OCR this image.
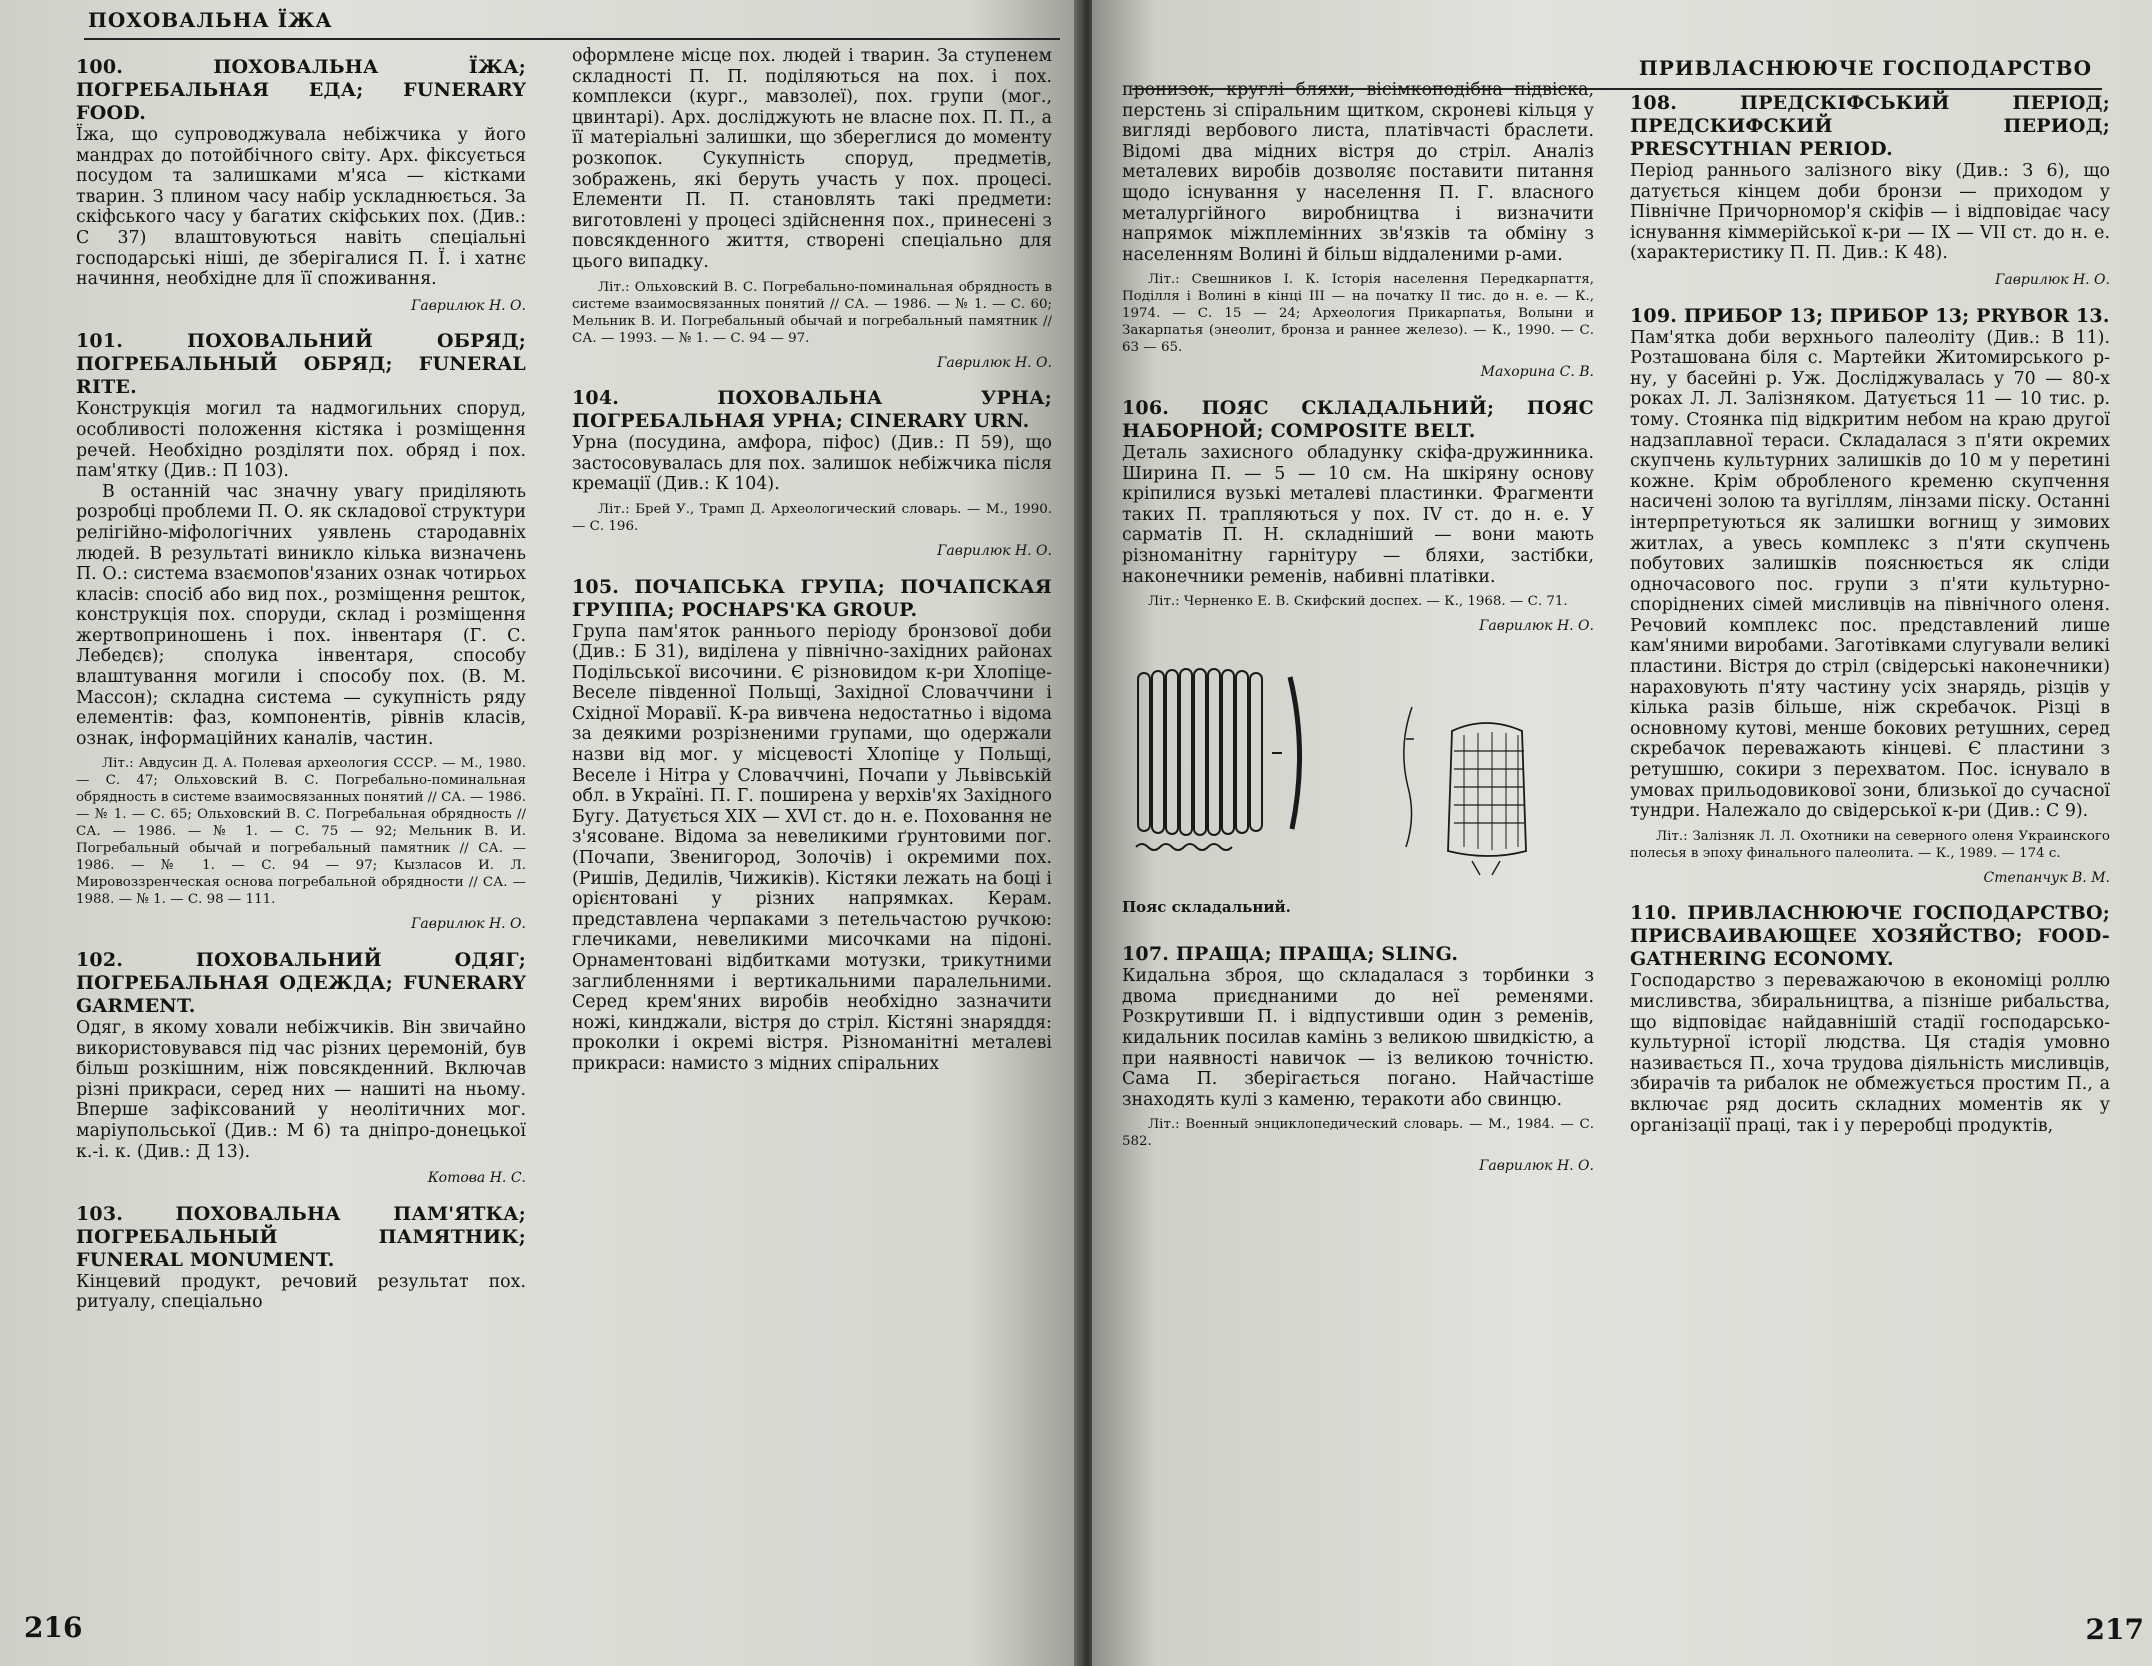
ПОХОВАЛЬНА ЇЖА
100. ПОХОВАЛЬНА ЇЖА; ПОГРЕБАЛЬНАЯ ЕДА; FUNERARY FOOD.

Їжа, що супроводжувала небіжчика у його мандрах до потойбічного світу. Арх. фіксується посудом та залишками м'яса — кістками тварин. З плином часу набір ускладнюється. За скіфського часу у багатих скіфських пох. (Див.: С 37) влаштовуються навіть спеціальні господарські ніші, де зберігалися П. Ї. і хатнє начиння, необхідне для її споживання.

Гаврилюк Н. О.

101. ПОХОВАЛЬНИЙ ОБРЯД; ПОГРЕБАЛЬНЫЙ ОБРЯД; FUNERAL RITE.

Конструкція могил та надмогильних споруд, особливості положення кістяка і розміщення речей. Необхідно розділяти пох. обряд і пох. пам'ятку (Див.: П 103).

В останній час значну увагу приділяють розробці проблеми П. О. як складової структури релігійно-міфологічних уявлень стародавніх людей. В результаті виникло кілька визначень П. О.: система взаємопов'язаних ознак чотирьох класів: спосіб або вид пох., розміщення решток, конструкція пох. споруди, склад і розміщення жертвоприношень і пох. інвентаря (Г. С. Лебедєв); сполука інвентаря, способу влаштування могили і способу пох. (В. М. Массон); складна система — сукупність ряду елементів: фаз, компонентів, рівнів класів, ознак, інформаційних каналів, частин.

Літ.: Авдусин Д. А. Полевая археология СССР. — М., 1980. — С. 47; Ольховский В. С. Погребально-поминальная обрядность в системе взаимосвязанных понятий // СА. — 1986. — № 1. — С. 65; Ольховский В. С. Погребальная обрядность // СА. — 1986. — № 1. — С. 75 — 92; Мельник В. И. Погребальный обычай и погребальный памятник // СА. — 1986. — № 1. — С. 94 — 97; Кызласов И. Л. Мировоззренческая основа погребальной обрядности // СА. — 1988. — № 1. — С. 98 — 111.

Гаврилюк Н. О.

102. ПОХОВАЛЬНИЙ ОДЯГ; ПОГРЕБАЛЬНАЯ ОДЕЖДА; FUNERARY GARMENT.

Одяг, в якому ховали небіжчиків. Він звичайно використовувався під час різних церемоній, був більш розкішним, ніж повсякденний. Включав різні прикраси, серед них — нашиті на ньому. Вперше зафіксований у неолітичних мог. маріупольської (Див.: М 6) та дніпро-донецької к.-і. к. (Див.: Д 13).

Котова Н. С.

103. ПОХОВАЛЬНА ПАМ'ЯТКА; ПОГРЕБАЛЬНЫЙ ПАМЯТНИК; FUNERAL MONUMENT.

Кінцевий продукт, речовий результат пох. ритуалу, спеціально

оформлене місце пох. людей і тварин. За ступенем складності П. П. поділяються на пох. і пох. комплекси (кург., мавзолеї), пох. групи (мог., цвинтарі). Арх. досліджують не власне пох. П. П., а її матеріальні залишки, що збереглися до моменту розкопок. Сукупність споруд, предметів, зображень, які беруть участь у пох. процесі. Елементи П. П. становлять такі предмети: виготовлені у процесі здійснення пох., принесені з повсякденного життя, створені спеціально для цього випадку.

Літ.: Ольховский В. С. Погребально-поминальная обрядность в системе взаимосвязанных понятий // СА. — 1986. — № 1. — С. 60; Мельник В. И. Погребальный обычай и погребальный памятник // СА. — 1993. — № 1. — С. 94 — 97.

Гаврилюк Н. О.

104. ПОХОВАЛЬНА УРНА; ПОГРЕБАЛЬНАЯ УРНА; CINERARY URN.

Урна (посудина, амфора, піфос) (Див.: П 59), що застосовувалась для пох. залишок небіжчика після кремації (Див.: К 104).

Літ.: Брей У., Трамп Д. Археологический словарь. — М., 1990. — С. 196.

Гаврилюк Н. О.

105. ПОЧАПСЬКА ГРУПА; ПОЧАПСКАЯ ГРУППА; POCHAPS'KA GROUP.

Група пам'яток раннього періоду бронзової доби (Див.: Б 31), виділена у північно-західних районах Подільської височини. Є різновидом к-ри Хлопіце-Веселе південної Польщі, Західної Словаччини і Східної Моравії. К-ра вивчена недостатньо і відома за деякими розрізненими групами, що одержали назви від мог. у місцевості Хлопіце у Польщі, Веселе і Нітра у Словаччині, Почапи у Львівській обл. в Україні. П. Г. поширена у верхів'ях Західного Бугу. Датується XIX — XVI ст. до н. е. Поховання не з'ясоване. Відома за невеликими ґрунтовими пог. (Почапи, Звенигород, Золочів) і окремими пох. (Ришів, Дедилів, Чижиків). Кістяки лежать на боці і орієнтовані у різних напрямках. Керам. представлена черпаками з петельчастою ручкою: глечиками, невеликими мисочками на підоні. Орнаментовані відбитками мотузки, трикутними заглибленнями і вертикальними паралельними. Серед крем'яних виробів необхідно зазначити ножі, кинджали, вістря до стріл. Кістяні знаряддя: проколки і окремі вістря. Різноманітні металеві прикраси: намисто з мідних спіральних

216
ПРИВЛАСНЮЮЧЕ ГОСПОДАРСТВО

пронизок, круглі бляхи, вісімкоподібна підвіска, перстень зі спіральним щитком, скроневі кільця у вигляді вербового листа, платівчасті браслети. Відомі два мідних вістря до стріл. Аналіз металевих виробів дозволяє поставити питання щодо існування у населення П. Г. власного металургійного виробництва і визначити напрямок міжплемінних зв'язків та обміну з населенням Волині й більш віддаленими р-ами.

Літ.: Свешников І. К. Історія населення Передкарпаття, Поділля і Волині в кінці III — на початку II тис. до н. е. — К., 1974. — С. 15 — 24; Археология Прикарпатья, Волыни и Закарпатья (энеолит, бронза и раннее железо). — К., 1990. — С. 63 — 65.

Махорина С. В.

106. ПОЯС СКЛАДАЛЬНИЙ; ПОЯС НАБОРНОЙ; COMPOSITE BELT.

Деталь захисного обладунку скіфа-дружинника. Ширина П. — 5 — 10 см. На шкіряну основу кріпилися вузькі металеві пластинки. Фрагменти таких П. трапляються у пох. IV ст. до н. е. У сарматів П. Н. складніший — вони мають різноманітну гарнітуру — бляхи, застібки, наконечники ременів, набивні платівки.

Літ.: Черненко Е. В. Скифский доспех. — К., 1968. — С. 71.

Гаврилюк Н. О.

Пояс складальний.
107. ПРАЩА; ПРАЩА; SLING.

Кидальна зброя, що складалася з торбинки з двома приєднаними до неї ременями. Розкрутивши П. і відпустивши один з ременів, кидальник посилав камінь з великою швидкістю, а при наявності навичок — із великою точністю. Сама П. зберігається погано. Найчастіше знаходять кулі з каменю, теракоти або свинцю.

Літ.: Военный энциклопедический словарь. — М., 1984. — С. 582.

Гаврилюк Н. О.

108. ПРЕДСКІФСЬКИЙ ПЕРІОД; ПРЕДСКИФСКИЙ ПЕРИОД; PRESCYTHIAN PERIOD.

Період раннього залізного віку (Див.: З 6), що датується кінцем доби бронзи — приходом у Північне Причорномор'я скіфів — і відповідає часу існування кіммерійської к-ри — IX — VII ст. до н. е. (характеристику П. П. Див.: К 48).

Гаврилюк Н. О.

109. ПРИБОР 13; ПРИБОР 13; PRYBOR 13.

Пам'ятка доби верхнього палеоліту (Див.: В 11). Розташована біля с. Мартейки Житомирського р-ну, у басейні р. Уж. Досліджувалась у 70 — 80-х роках Л. Л. Залізняком. Датується 11 — 10 тис. р. тому. Стоянка під відкритим небом на краю другої надзаплавної тераси. Складалася з п'яти окремих скупчень культурних залишків до 10 м у перетині кожне. Крім обробленого кременю скупчення насичені золою та вугіллям, лінзами піску. Останні інтерпретуються як залишки вогнищ у зимових житлах, а увесь комплекс з п'яти скупчень побутових залишків пояснюється як сліди одночасового пос. групи з п'яти культурно-споріднених сімей мисливців на північного оленя. Речовий комплекс пос. представлений лише кам'яними виробами. Заготівками слугували великі пластини. Вістря до стріл (свідерські наконечники) нараховують п'яту частину усіх знарядь, різців у кілька разів більше, ніж скребачок. Різці в основному кутові, менше бокових ретушних, серед скребачок переважають кінцеві. Є пластини з ретушшю, сокири з перехватом. Пос. існувало в умовах прильодовикової зони, близької до сучасної тундри. Належало до свідерської к-ри (Див.: С 9).

Літ.: Залізняк Л. Л. Охотники на северного оленя Украинского полесья в эпоху финального палеолита. — К., 1989. — 174 с.

Степанчук В. М.

110. ПРИВЛАСНЮЮЧЕ ГОСПОДАРСТВО; ПРИСВАИВАЮЩЕЕ ХОЗЯЙСТВО; FOOD-GATHERING ECONOMY.

Господарство з переважаючою в економіці роллю мисливства, збиральництва, а пізніше рибальства, що відповідає найдавнішій стадії господарсько-культурної історії людства. Ця стадія умовно називається П., хоча трудова діяльність мисливців, збирачів та рибалок не обмежується простим П., а включає ряд досить складних моментів як у організації праці, так і у переробці продуктів,

217
